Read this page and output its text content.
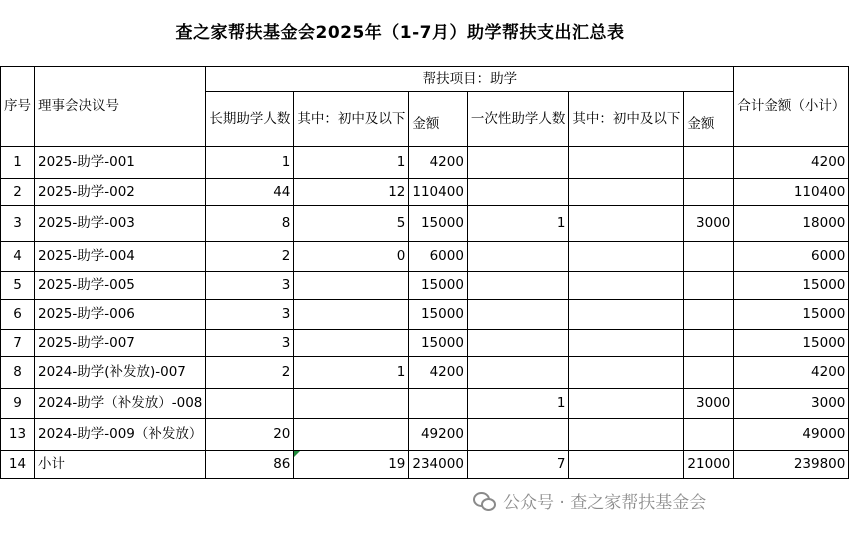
查之家帮扶基金会2025年（1-7月）助学帮扶支出汇总表
序号	理事会决议号	帮扶项目：助学						合计金额（小计）
		长期助学人数	其中：初中及以下	金额	一次性助学人数	其中：初中及以下	金额	
1	2025-助学-001	1	1	4200				4200
2	2025-助学-002	44	12	110400				110400
3	2025-助学-003	8	5	15000	1		3000	18000
4	2025-助学-004	2	0	6000				6000
5	2025-助学-005	3		15000				15000
6	2025-助学-006	3		15000				15000
7	2025-助学-007	3		15000				15000
8	2024-助学(补发放)-007	2	1	4200				4200
9	2024-助学（补发放）-008				1		3000	3000
13	2024-助学-009（补发放）	20		49200				49000
14	小计	86	19	234000	7		21000	239800
公众号 · 查之家帮扶基金会
